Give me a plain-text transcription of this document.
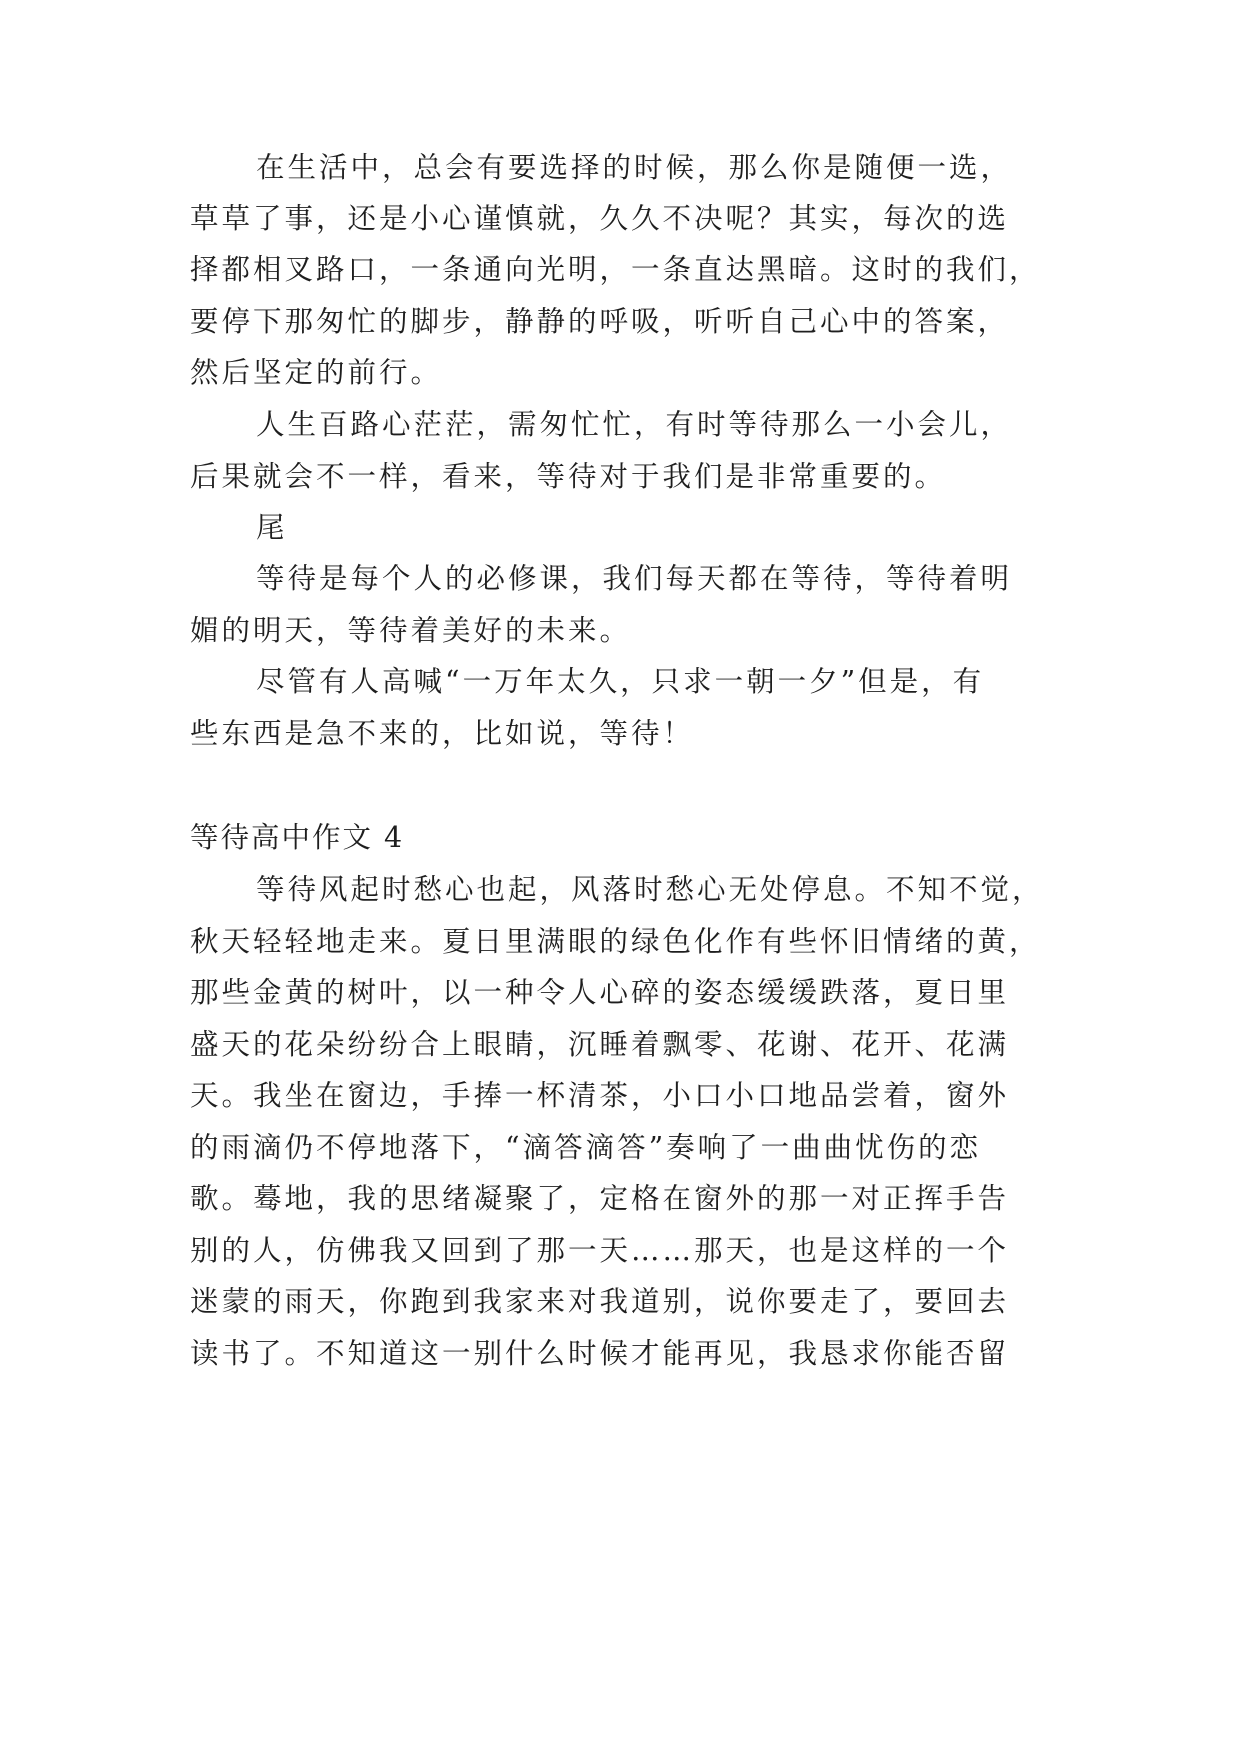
在生活中，总会有要选择的时候，那么你是随便一选，
草草了事，还是小心谨慎就，久久不决呢？其实，每次的选
择都相叉路口，一条通向光明，一条直达黑暗。这时的我们，
要停下那匆忙的脚步，静静的呼吸，听听自己心中的答案，
然后坚定的前行。
人生百路心茫茫，需匆忙忙，有时等待那么一小会儿，
后果就会不一样，看来，等待对于我们是非常重要的。
尾
等待是每个人的必修课，我们每天都在等待，等待着明
媚的明天，等待着美好的未来。
尽管有人高喊“一万年太久，只求一朝一夕”但是，有
些东西是急不来的，比如说，等待！
等待高中作文 4
等待风起时愁心也起，风落时愁心无处停息。不知不觉，
秋天轻轻地走来。夏日里满眼的绿色化作有些怀旧情绪的黄，
那些金黄的树叶，以一种令人心碎的姿态缓缓跌落，夏日里
盛天的花朵纷纷合上眼睛，沉睡着飘零、花谢、花开、花满
天。我坐在窗边，手捧一杯清茶，小口小口地品尝着，窗外
的雨滴仍不停地落下，“滴答滴答”奏响了一曲曲忧伤的恋
歌。蓦地，我的思绪凝聚了，定格在窗外的那一对正挥手告
别的人，仿佛我又回到了那一天……那天，也是这样的一个
迷蒙的雨天，你跑到我家来对我道别，说你要走了，要回去
读书了。不知道这一别什么时候才能再见，我恳求你能否留
